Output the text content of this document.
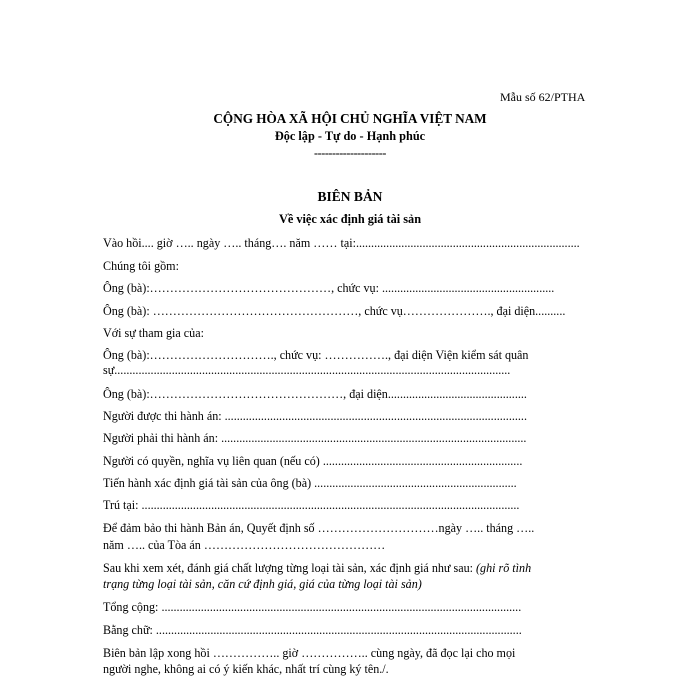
Mẫu số 62/PTHA
CỘNG HÒA XÃ HỘI CHỦ NGHĨA VIỆT NAM
Độc lập - Tự do - Hạnh phúc
--------------------
BIÊN BẢN
Về việc xác định giá tài sản
Vào hồi.... giờ ….. ngày ….. tháng…. năm …… tại:..........................................................................
Chúng tôi gồm:
Ông (bà):………………………………………, chức vụ: .........................................................
Ông (bà): ……………………………………………, chức vụ…………………., đại diện..........
Với sự tham gia của:
Ông (bà):…………………………., chức vụ: ……………., đại diện Viện kiểm sát quân
sự...................................................................................................................................
Ông (bà):…………………………………………, đại diện..............................................
Người được thi hành án: ....................................................................................................
Người phải thi hành án: .....................................................................................................
Người có quyền, nghĩa vụ liên quan (nếu có) ..................................................................
Tiến hành xác định giá tài sản của ông (bà) ...................................................................
Trú tại: .............................................................................................................................
Để đảm bảo thi hành Bản án, Quyết định số …………………………ngày ….. tháng …..
năm ….. của Tòa án ………………………………………
Sau khi xem xét, đánh giá chất lượng từng loại tài sản, xác định giá như sau: (ghi rõ tình
trạng từng loại tài sản, căn cứ định giá, giá của từng loại tài sản)
Tổng cộng: .......................................................................................................................
Bằng chữ: .........................................................................................................................
Biên bản lập xong hồi …………….. giờ …………….. cùng ngày, đã đọc lại cho mọi
người nghe, không ai có ý kiến khác, nhất trí cùng ký tên./.
